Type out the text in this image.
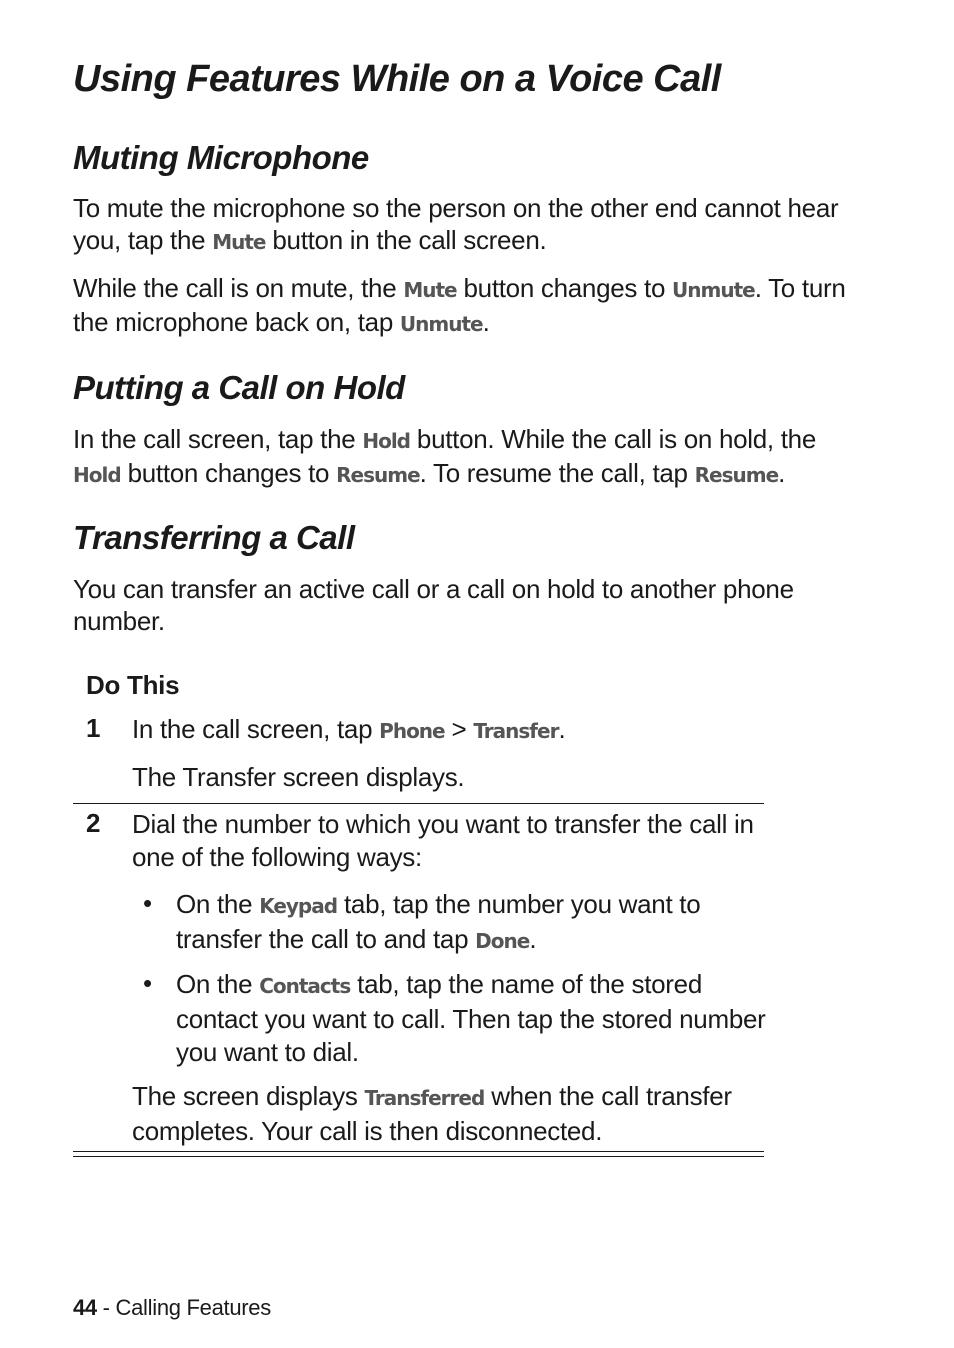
Using Features While on a Voice Call
Muting Microphone

To mute the microphone so the person on the other end cannot hear you, tap the Mute button in the call screen.

While the call is on mute, the Mute button changes to Unmute. To turn the microphone back on, tap Unmute.

Putting a Call on Hold

In the call screen, tap the Hold button. While the call is on hold, the Hold button changes to Resume. To resume the call, tap Resume.

Transferring a Call

You can transfer an active call or a call on hold to another phone number.

Do This

1 In the call screen, tap Phone > Transfer.

The Transfer screen displays.

2 Dial the number to which you want to transfer the call in one of the following ways:

• On the Keypad tab, tap the number you want to transfer the call to and tap Done.

• On the Contacts tab, tap the name of the stored contact you want to call. Then tap the stored number you want to dial.

The screen displays Transferred when the call transfer completes. Your call is then disconnected.

44 - Calling Features
